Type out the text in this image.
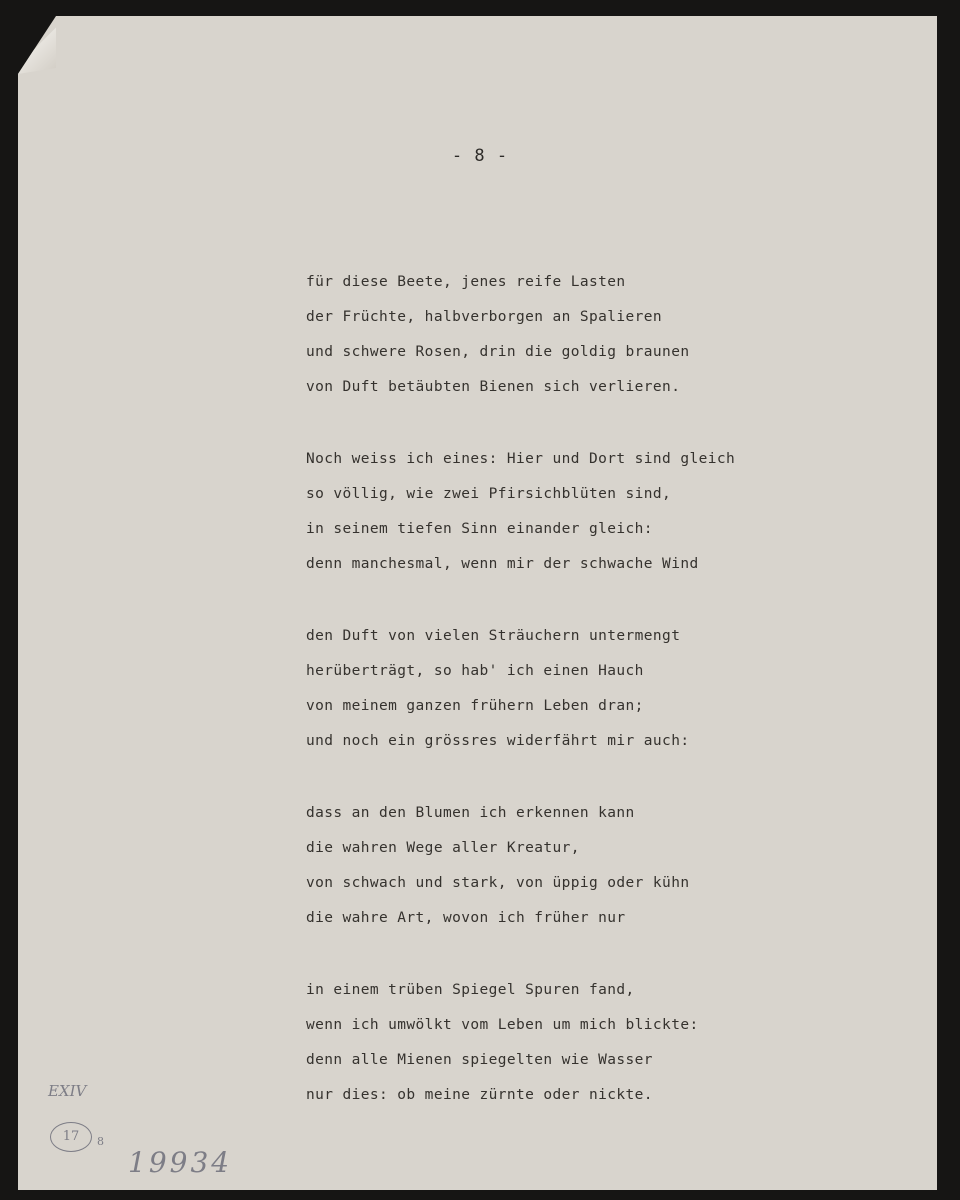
- 8 -
für diese Beete, jenes reife Lasten
der Früchte, halbverborgen an Spalieren
und schwere Rosen, drin die goldig braunen
von Duft betäubten Bienen sich verlieren.
Noch weiss ich eines: Hier und Dort sind gleich
so völlig, wie zwei Pfirsichblüten sind,
in seinem tiefen Sinn einander gleich:
denn manchesmal, wenn mir der schwache Wind
den Duft von vielen Sträuchern untermengt
herüberträgt, so hab' ich einen Hauch
von meinem ganzen frühern Leben dran;
und noch ein grössres widerfährt mir auch:
dass an den Blumen ich erkennen kann
die wahren Wege aller Kreatur,
von schwach und stark, von üppig oder kühn
die wahre Art, wovon ich früher nur
in einem trüben Spiegel Spuren fand,
wenn ich umwölkt vom Leben um mich blickte:
denn alle Mienen spiegelten wie Wasser
nur dies: ob meine zürnte oder nickte.
EXIV
17	8
19934
